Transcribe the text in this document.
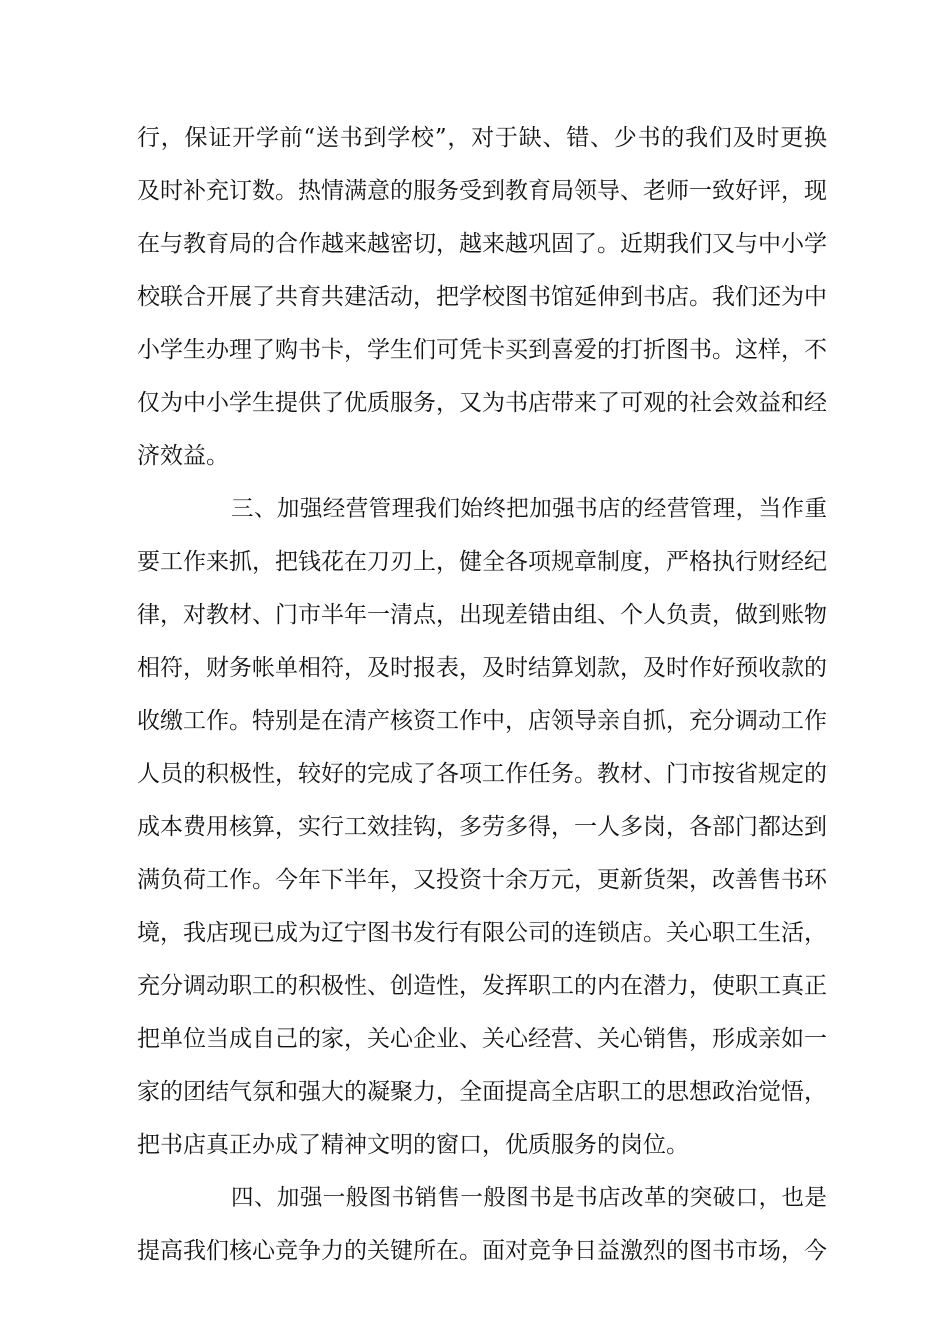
行，保证开学前“送书到学校”，对于缺、错、少书的我们及时更换
及时补充订数。热情满意的服务受到教育局领导、老师一致好评，现
在与教育局的合作越来越密切，越来越巩固了。近期我们又与中小学
校联合开展了共育共建活动，把学校图书馆延伸到书店。我们还为中
小学生办理了购书卡，学生们可凭卡买到喜爱的打折图书。这样，不
仅为中小学生提供了优质服务，又为书店带来了可观的社会效益和经
济效益。
三、加强经营管理我们始终把加强书店的经营管理，当作重
要工作来抓，把钱花在刀刃上，健全各项规章制度，严格执行财经纪
律，对教材、门市半年一清点，出现差错由组、个人负责，做到账物
相符，财务帐单相符，及时报表，及时结算划款，及时作好预收款的
收缴工作。特别是在清产核资工作中，店领导亲自抓，充分调动工作
人员的积极性，较好的完成了各项工作任务。教材、门市按省规定的
成本费用核算，实行工效挂钩，多劳多得，一人多岗，各部门都达到
满负荷工作。今年下半年，又投资十余万元，更新货架，改善售书环
境，我店现已成为辽宁图书发行有限公司的连锁店。关心职工生活，
充分调动职工的积极性、创造性，发挥职工的内在潜力，使职工真正
把单位当成自己的家，关心企业、关心经营、关心销售，形成亲如一
家的团结气氛和强大的凝聚力，全面提高全店职工的思想政治觉悟，
把书店真正办成了精神文明的窗口，优质服务的岗位。
四、加强一般图书销售一般图书是书店改革的突破口，也是
提高我们核心竞争力的关键所在。面对竞争日益激烈的图书市场，今
